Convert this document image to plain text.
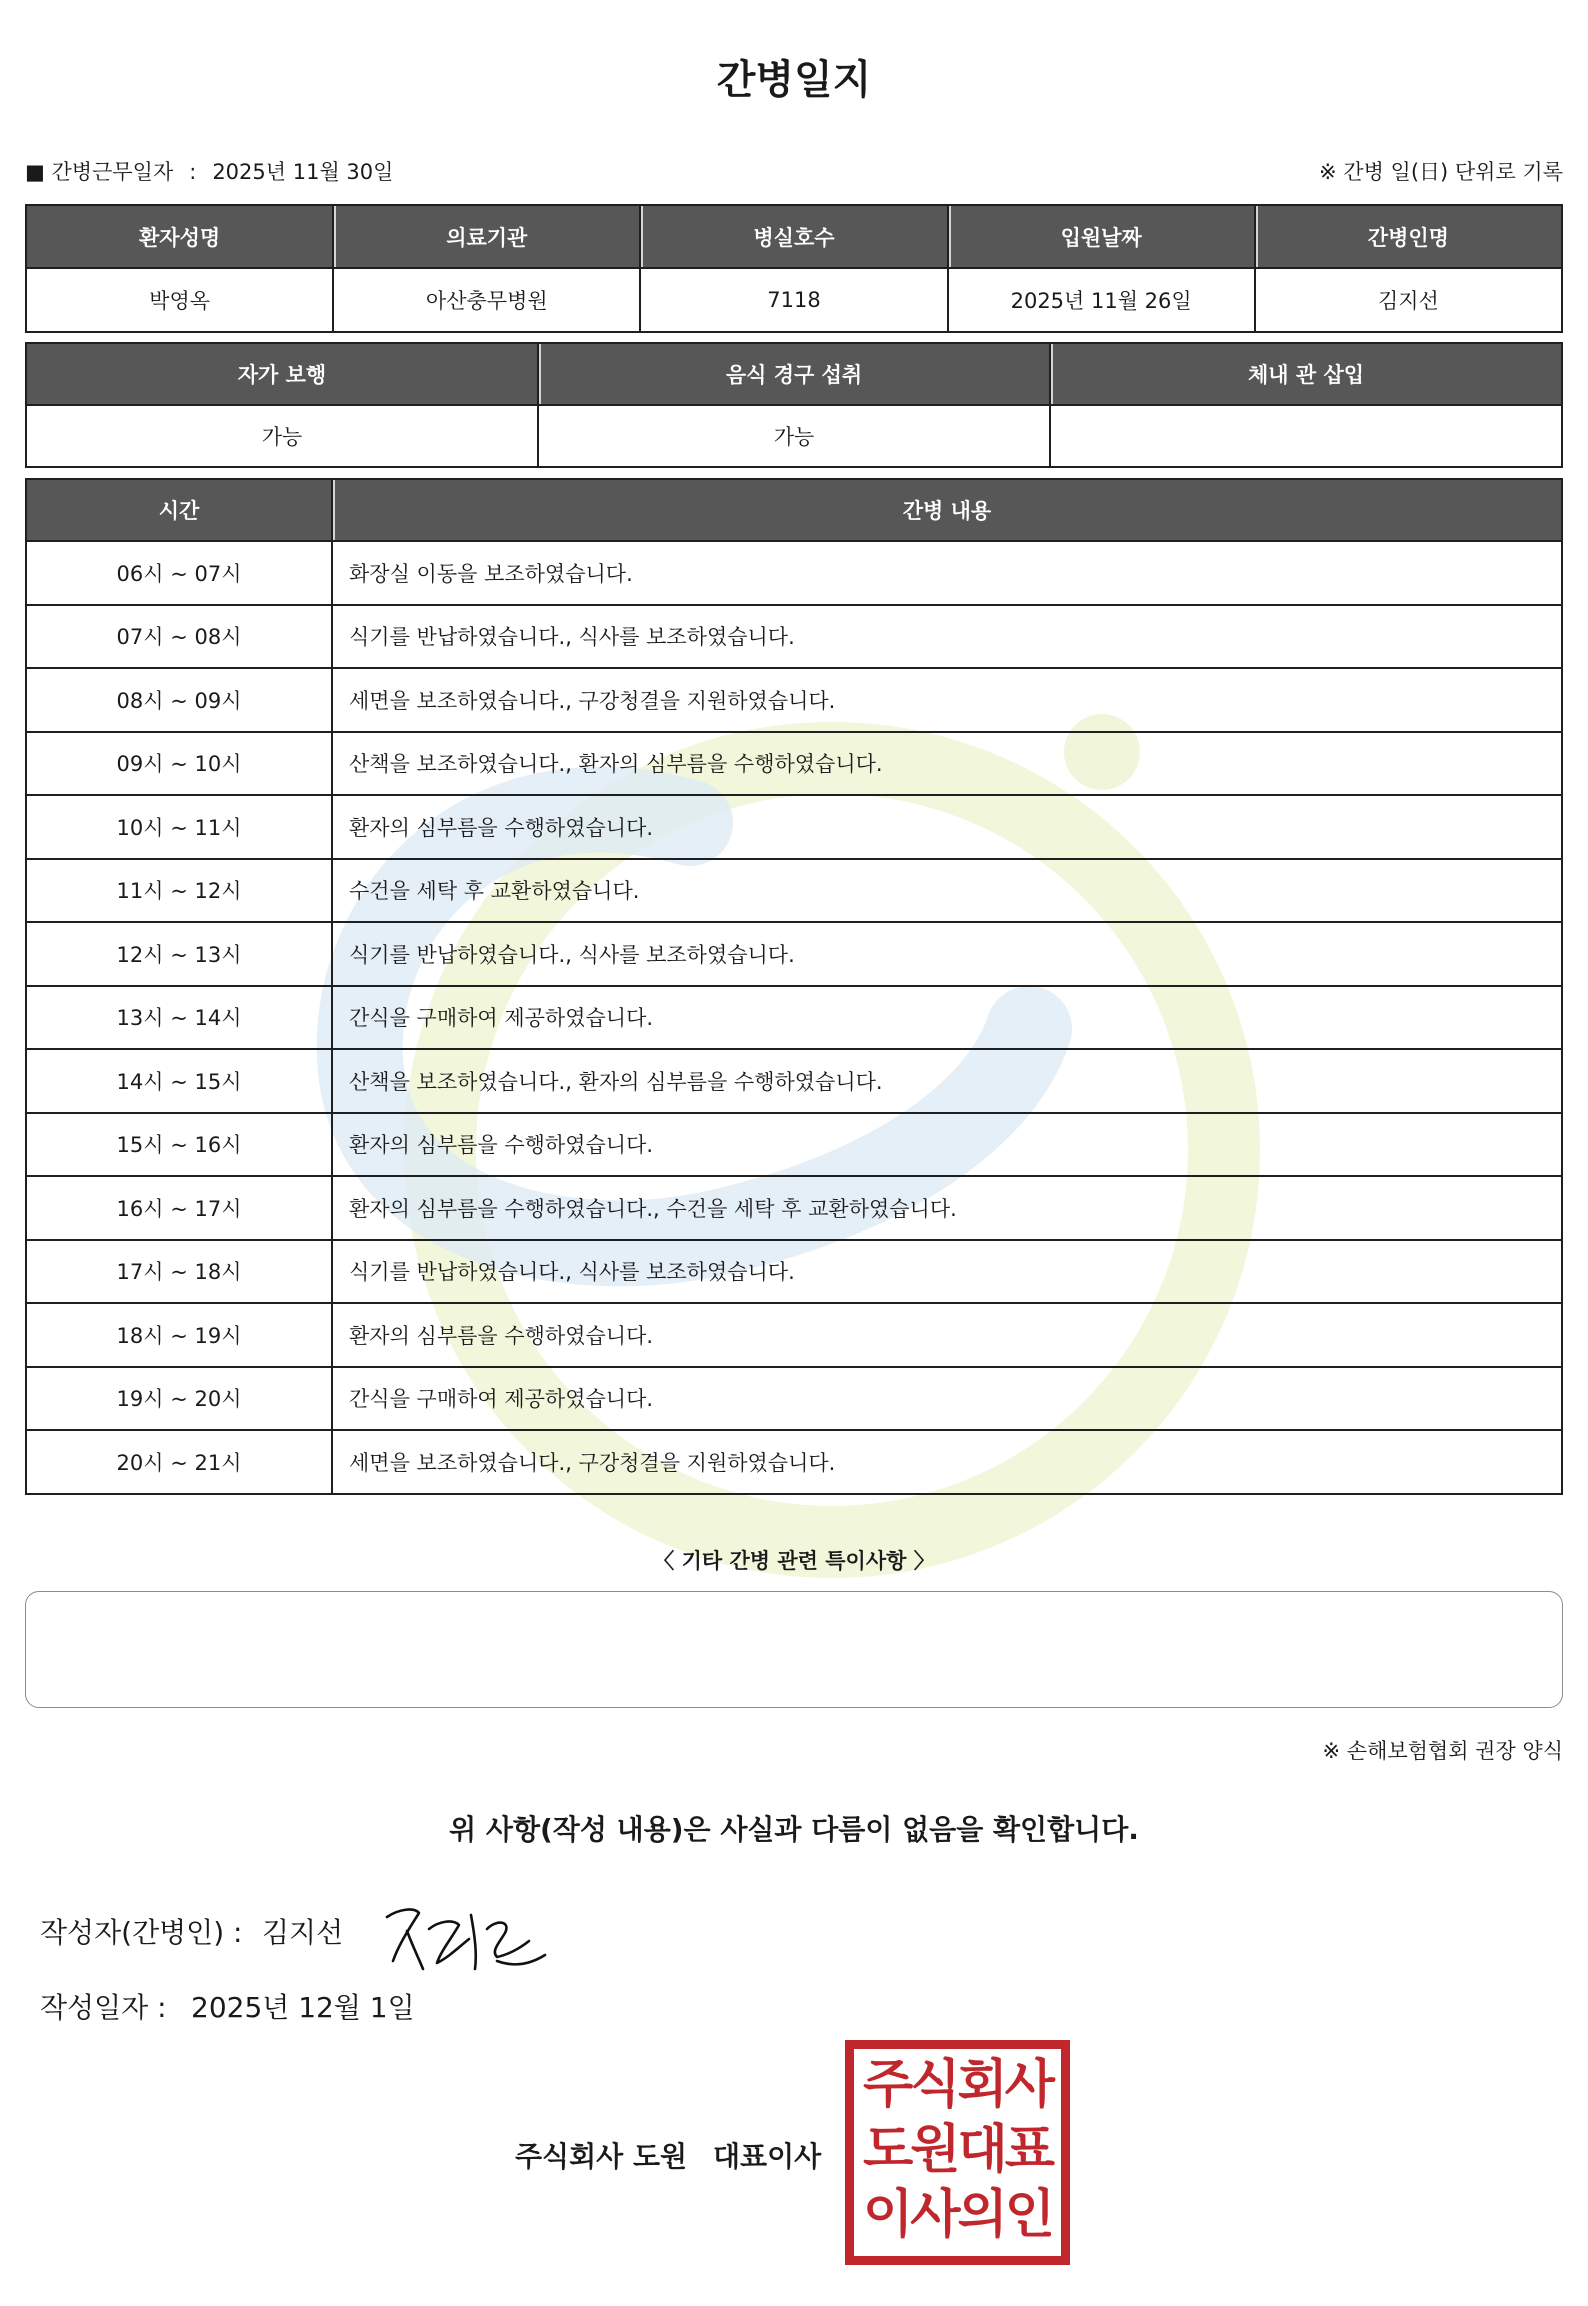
간병일지
■ 간병근무일자 : 2025년 11월 30일	※ 간병 일(日) 단위로 기록
환자성명	의료기관	병실호수	입원날짜	간병인명
박영옥	아산충무병원	7118	2025년 11월 26일	김지선
자가 보행	음식 경구 섭취	체내 관 삽입
가능	가능	
시간	간병 내용
06시 ~ 07시	화장실 이동을 보조하였습니다.
07시 ~ 08시	식기를 반납하였습니다., 식사를 보조하였습니다.
08시 ~ 09시	세면을 보조하였습니다., 구강청결을 지원하였습니다.
09시 ~ 10시	산책을 보조하였습니다., 환자의 심부름을 수행하였습니다.
10시 ~ 11시	환자의 심부름을 수행하였습니다.
11시 ~ 12시	수건을 세탁 후 교환하였습니다.
12시 ~ 13시	식기를 반납하였습니다., 식사를 보조하였습니다.
13시 ~ 14시	간식을 구매하여 제공하였습니다.
14시 ~ 15시	산책을 보조하였습니다., 환자의 심부름을 수행하였습니다.
15시 ~ 16시	환자의 심부름을 수행하였습니다.
16시 ~ 17시	환자의 심부름을 수행하였습니다., 수건을 세탁 후 교환하였습니다.
17시 ~ 18시	식기를 반납하였습니다., 식사를 보조하였습니다.
18시 ~ 19시	환자의 심부름을 수행하였습니다.
19시 ~ 20시	간식을 구매하여 제공하였습니다.
20시 ~ 21시	세면을 보조하였습니다., 구강청결을 지원하였습니다.
〈 기타 간병 관련 특이사항 〉
※ 손해보험협회 권장 양식
위 사항(작성 내용)은 사실과 다름이 없음을 확인합니다.
작성자(간병인) : 김지선
작성일자 : 2025년 12월 1일
주식회사 도원 대표이사
주식회사
도원대표
이사의인
